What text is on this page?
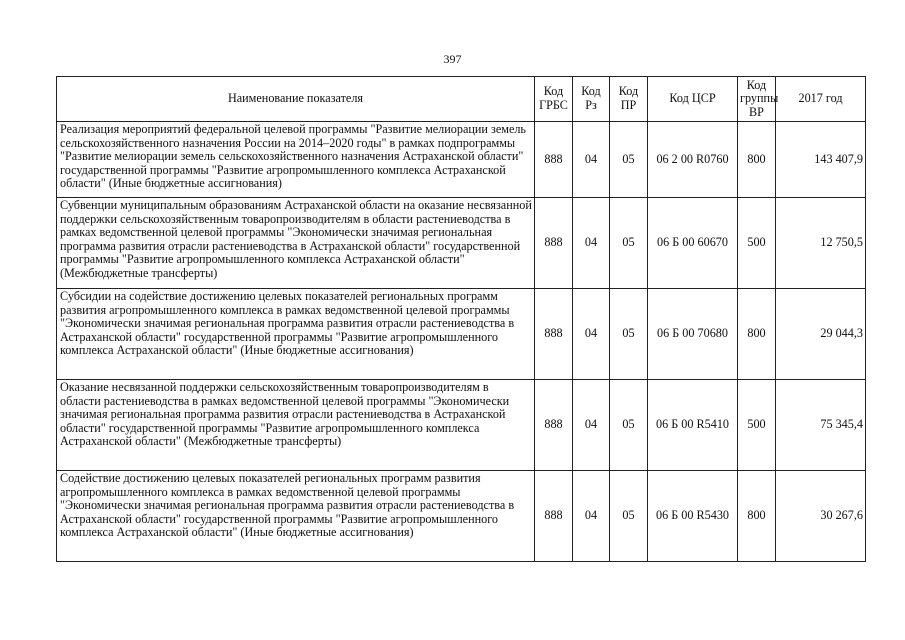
397
Наименование показателя	Код ГРБС	Код Рз	Код ПР	Код ЦСР	Код группы ВР	2017 год
Реализация мероприятий федеральной целевой программы "Развитие мелиорации земель сельскохозяйственного назначения России на 2014–2020 годы" в рамках подпрограммы "Развитие мелиорации земель сельскохозяйственного назначения Астраханской области" государственной программы "Развитие агропромышленного комплекса Астраханской области" (Иные бюджетные ассигнования)	888	04	05	06 2 00 R0760	800	143 407,9
Субвенции муниципальным образованиям Астраханской области на оказание несвязанной поддержки сельскохозяйственным товаропроизводителям в области растениеводства в рамках ведомственной целевой программы "Экономически значимая региональная программа развития отрасли растениеводства в Астраханской области" государственной программы "Развитие агропромышленного комплекса Астраханской области" (Межбюджетные трансферты)	888	04	05	06 Б 00 60670	500	12 750,5
Субсидии на содействие достижению целевых показателей региональных программ развития агропромышленного комплекса в рамках ведомственной целевой программы "Экономически значимая региональная программа развития отрасли растениеводства в Астраханской области" государственной программы "Развитие агропромышленного комплекса Астраханской области" (Иные бюджетные ассигнования)	888	04	05	06 Б 00 70680	800	29 044,3
Оказание несвязанной поддержки сельскохозяйственным товаропроизводителям в области растениеводства в рамках ведомственной целевой программы "Экономически значимая региональная программа развития отрасли растениеводства в Астраханской области" государственной программы "Развитие агропромышленного комплекса Астраханской области" (Межбюджетные трансферты)	888	04	05	06 Б 00 R5410	500	75 345,4
Содействие достижению целевых показателей региональных программ развития агропромышленного комплекса в рамках ведомственной целевой программы "Экономически значимая региональная программа развития отрасли растениеводства в Астраханской области" государственной программы "Развитие агропромышленного комплекса Астраханской области" (Иные бюджетные ассигнования)	888	04	05	06 Б 00 R5430	800	30 267,6
